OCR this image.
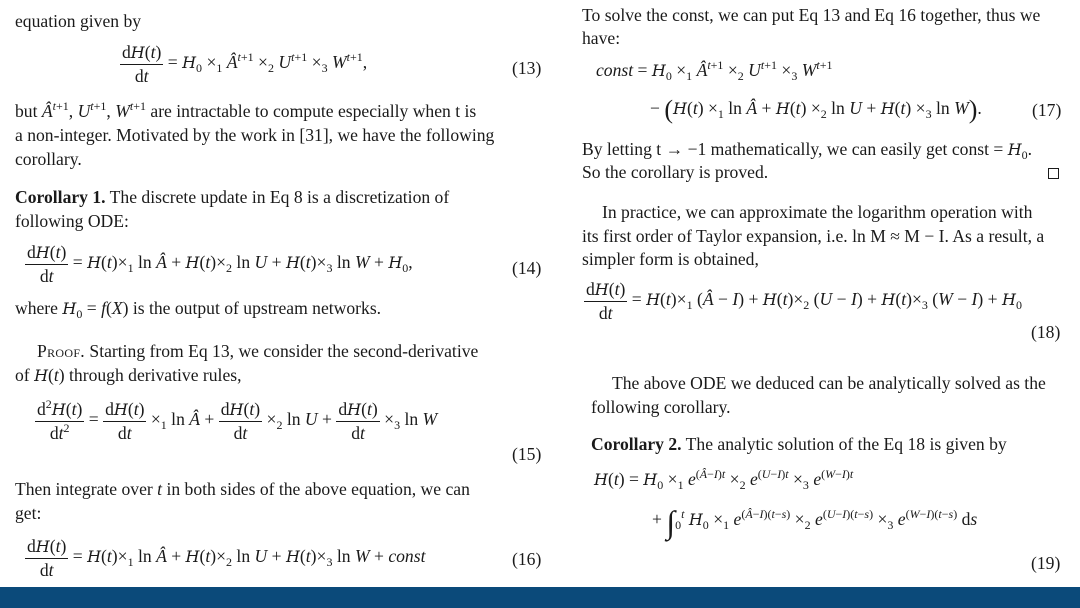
equation given by
$\frac{dH(t)}{dt} = H_0 \times_1$ $Â^{t+1} \times_2$ $U^{t+1} \times_3$ $W^{t+1}$,	(13)
but $Â^{t+1}$, $U^{t+1}$, $W^{t+1}$ are intractable to compute especially when t is
a non-integer. Motivated by the work in [31], we have the following
corollary.
Corollary 1. The discrete update in Eq 8 is a discretization of
following ODE:
$\frac{dH(t)}{dt} = H(t)\times_1$ ln Â + $H(t)\times_2$ $\ln U + H(t)\times_3$ $\ln W + H_0$,	(14)
where $H_0 = f(X)$ is the output of upstream networks.
Proof. Starting from Eq 13, we consider the second-derivative
of H(t) through derivative rules,
$\frac{d^2H(t)}{dt^2} = \frac{dH(t)}{dt} \times_1$ ln Â + $\frac{dH(t)}{dt} \times_2$ $\ln U + \frac{dH(t)}{dt} \times_3$ ln W
(15)
Then integrate over t in both sides of the above equation, we can
get:
$\frac{dH(t)}{dt} = H(t)\times_1$ ln Â + $H(t)\times_2$ $\ln U + H(t)\times_3$ ln W + const	(16)
To solve the const, we can put Eq 13 and Eq 16 together, thus we
have:
const = $H_0 \times_1$ $Â^{t+1} \times_2$ $U^{t+1} \times_3$ $W^{t+1}$
− ($H(t) \times_1$ ln Â + $H(t) \times_2$ $\ln U + H(t) \times_3$ ln W).	(17)
By letting t → −1 mathematically, we can easily get const = $H_0$.
So the corollary is proved.
In practice, we can approximate the logarithm operation with
its first order of Taylor expansion, i.e. ln M ≈ M − I. As a result, a
simpler form is obtained,
$\frac{dH(t)}{dt} = H(t)\times_1$ (Â − $I) + H(t)\times_2$ $(U - I) + H(t)\times_3$ $(W - I) + H_0$
(18)
The above ODE we deduced can be analytically solved as the
following corollary.
Corollary 2. The analytic solution of the Eq 18 is given by
$H(t) = H_0 \times_1$ $e^{(Â-I)t} \times_2$ $e^{(U-I)t} \times_3$ $e^{(W-I)t}$
+ $\int_0^t$ $H_0 \times_1$ $e^{(Â-I)(t-s)} \times_2$ $e^{(U-I)(t-s)} \times_3$ $e^{(W-I)(t-s)}$ ds
(19)
